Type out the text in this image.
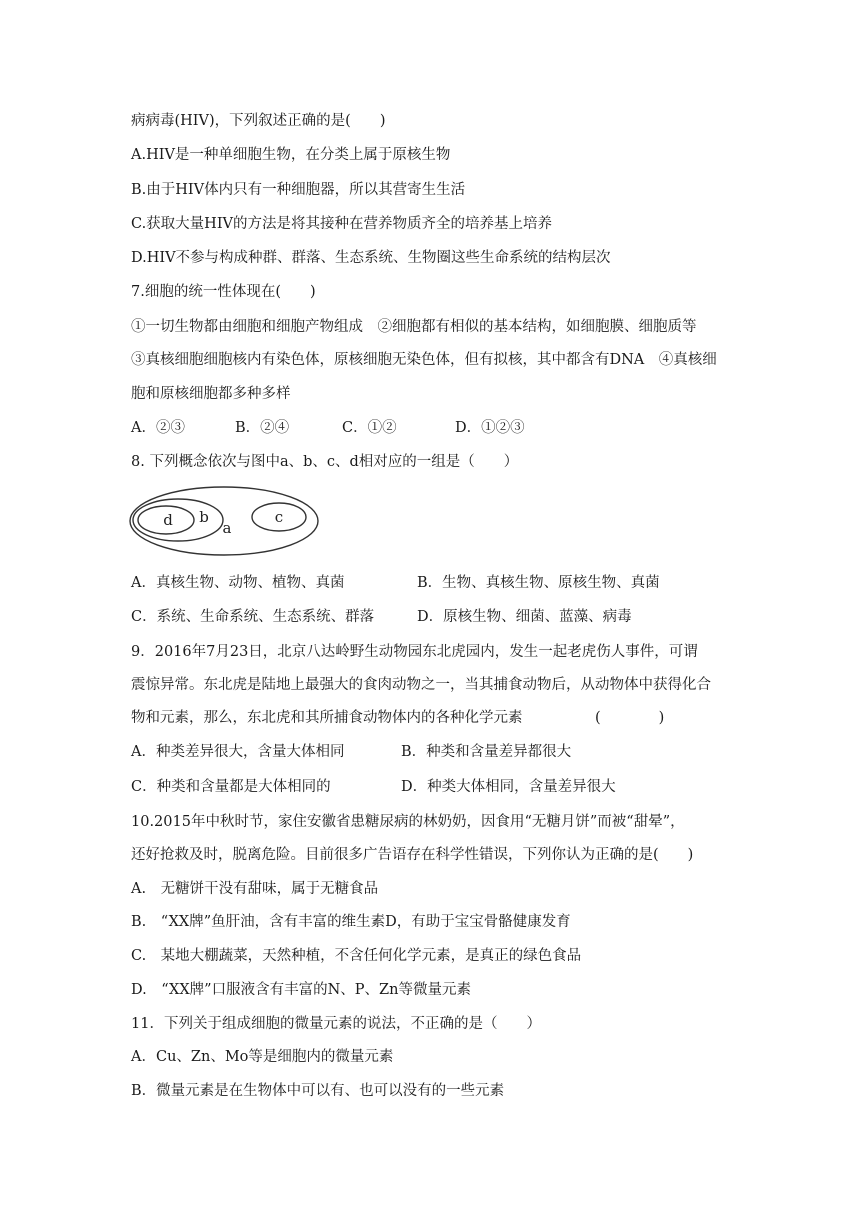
病病毒(HIV)，下列叙述正确的是(　　)
A.HIV是一种单细胞生物，在分类上属于原核生物
B.由于HIV体内只有一种细胞器，所以其营寄生生活
C.获取大量HIV的方法是将其接种在营养物质齐全的培养基上培养
D.HIV不参与构成种群、群落、生态系统、生物圈这些生命系统的结构层次
7.细胞的统一性体现在(　　)
①一切生物都由细胞和细胞产物组成　②细胞都有相似的基本结构，如细胞膜、细胞质等
③真核细胞细胞核内有染色体，原核细胞无染色体，但有拟核，其中都含有DNA　④真核细
胞和原核细胞都多种多样
A．②③	B．②④	C．①②	D．①②③
8. 下列概念依次与图中a、b、c、d相对应的一组是（　　）
d b
a
c
A．真核生物、动物、植物、真菌	B．生物、真核生物、原核生物、真菌
C．系统、生命系统、生态系统、群落	D．原核生物、细菌、蓝藻、病毒
9．2016年7月23日，北京八达岭野生动物园东北虎园内，发生一起老虎伤人事件，可谓
震惊异常。东北虎是陆地上最强大的食肉动物之一，当其捕食动物后，从动物体中获得化合
物和元素，那么，东北虎和其所捕食动物体内的各种化学元素　　　　　(　　　　)
A．种类差异很大，含量大体相同	B．种类和含量差异都很大
C．种类和含量都是大体相同的	D．种类大体相同，含量差异很大
10.2015年中秋时节，家住安徽省患糖尿病的林奶奶，因食用“无糖月饼”而被“甜晕”，
还好抢救及时，脱离危险。目前很多广告语存在科学性错误，下列你认为正确的是(　　)
A.　无糖饼干没有甜味，属于无糖食品
B.　“XX牌”鱼肝油，含有丰富的维生素D，有助于宝宝骨骼健康发育
C.　某地大棚蔬菜，天然种植，不含任何化学元素，是真正的绿色食品
D.　“XX牌”口服液含有丰富的N、P、Zn等微量元素
11．下列关于组成细胞的微量元素的说法，不正确的是（　　）
A．Cu、Zn、Mo等是细胞内的微量元素
B．微量元素是在生物体中可以有、也可以没有的一些元素
